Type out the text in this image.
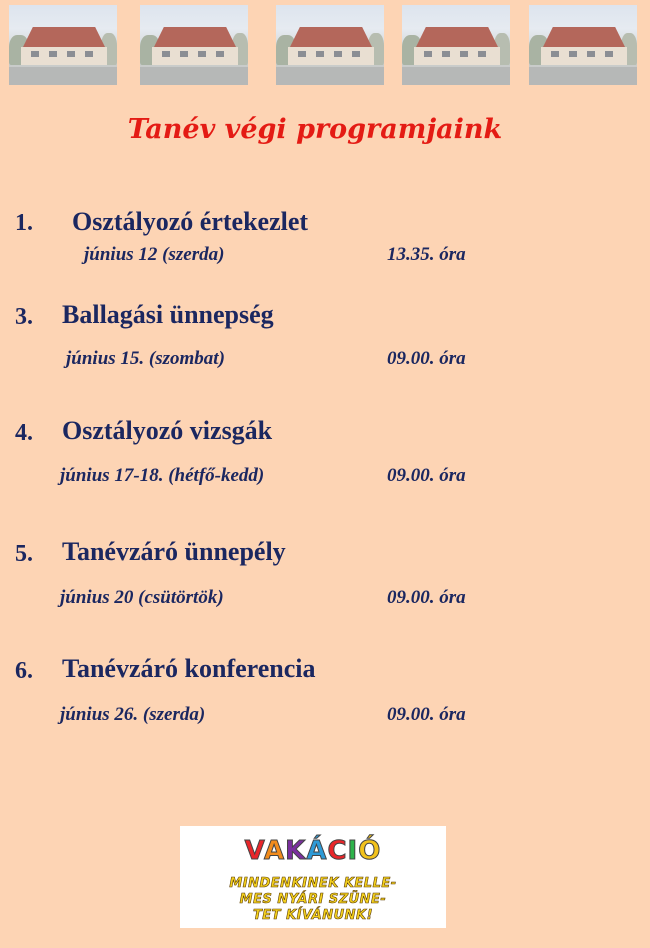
Tanév végi programjaink
1. Osztályozó értekezlet
június 12 (szerda)	13.35. óra
3. Ballagási ünnepség
június 15. (szombat)	09.00. óra
4. Osztályozó vizsgák
június 17-18. (hétfő-kedd)	09.00. óra
5. Tanévzáró ünnepély
június 20 (csütörtök)	09.00. óra
6. Tanévzáró konferencia
június 26. (szerda)	09.00. óra
VAKÁCIÓ
MINDENKINEK KELLE-
MES NYÁRI SZÜNE-
TET KÍVÁNUNK!
